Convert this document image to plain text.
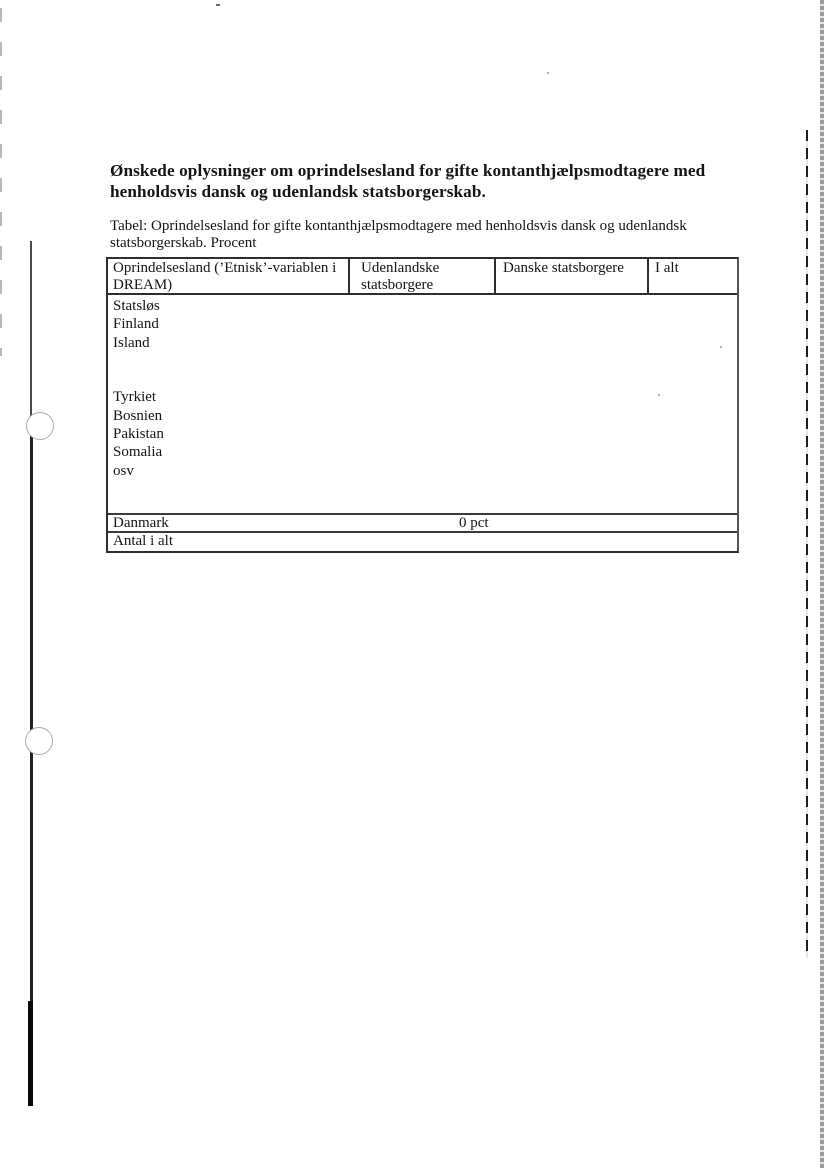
Ønskede oplysninger om oprindelsesland for gifte kontanthjælpsmodtagere med
henholdsvis dansk og udenlandsk statsborgerskab.
Tabel: Oprindelsesland for gifte kontanthjælpsmodtagere med henholdsvis dansk og udenlandsk
statsborgerskab. Procent
Oprindelsesland (’Etnisk’-variablen i
DREAM)
Udenlandske
statsborgere
Danske statsborgere	I alt
Statsløs
Finland
Island
Tyrkiet
Bosnien
Pakistan
Somalia
osv
Danmark	0 pct
Antal i alt
